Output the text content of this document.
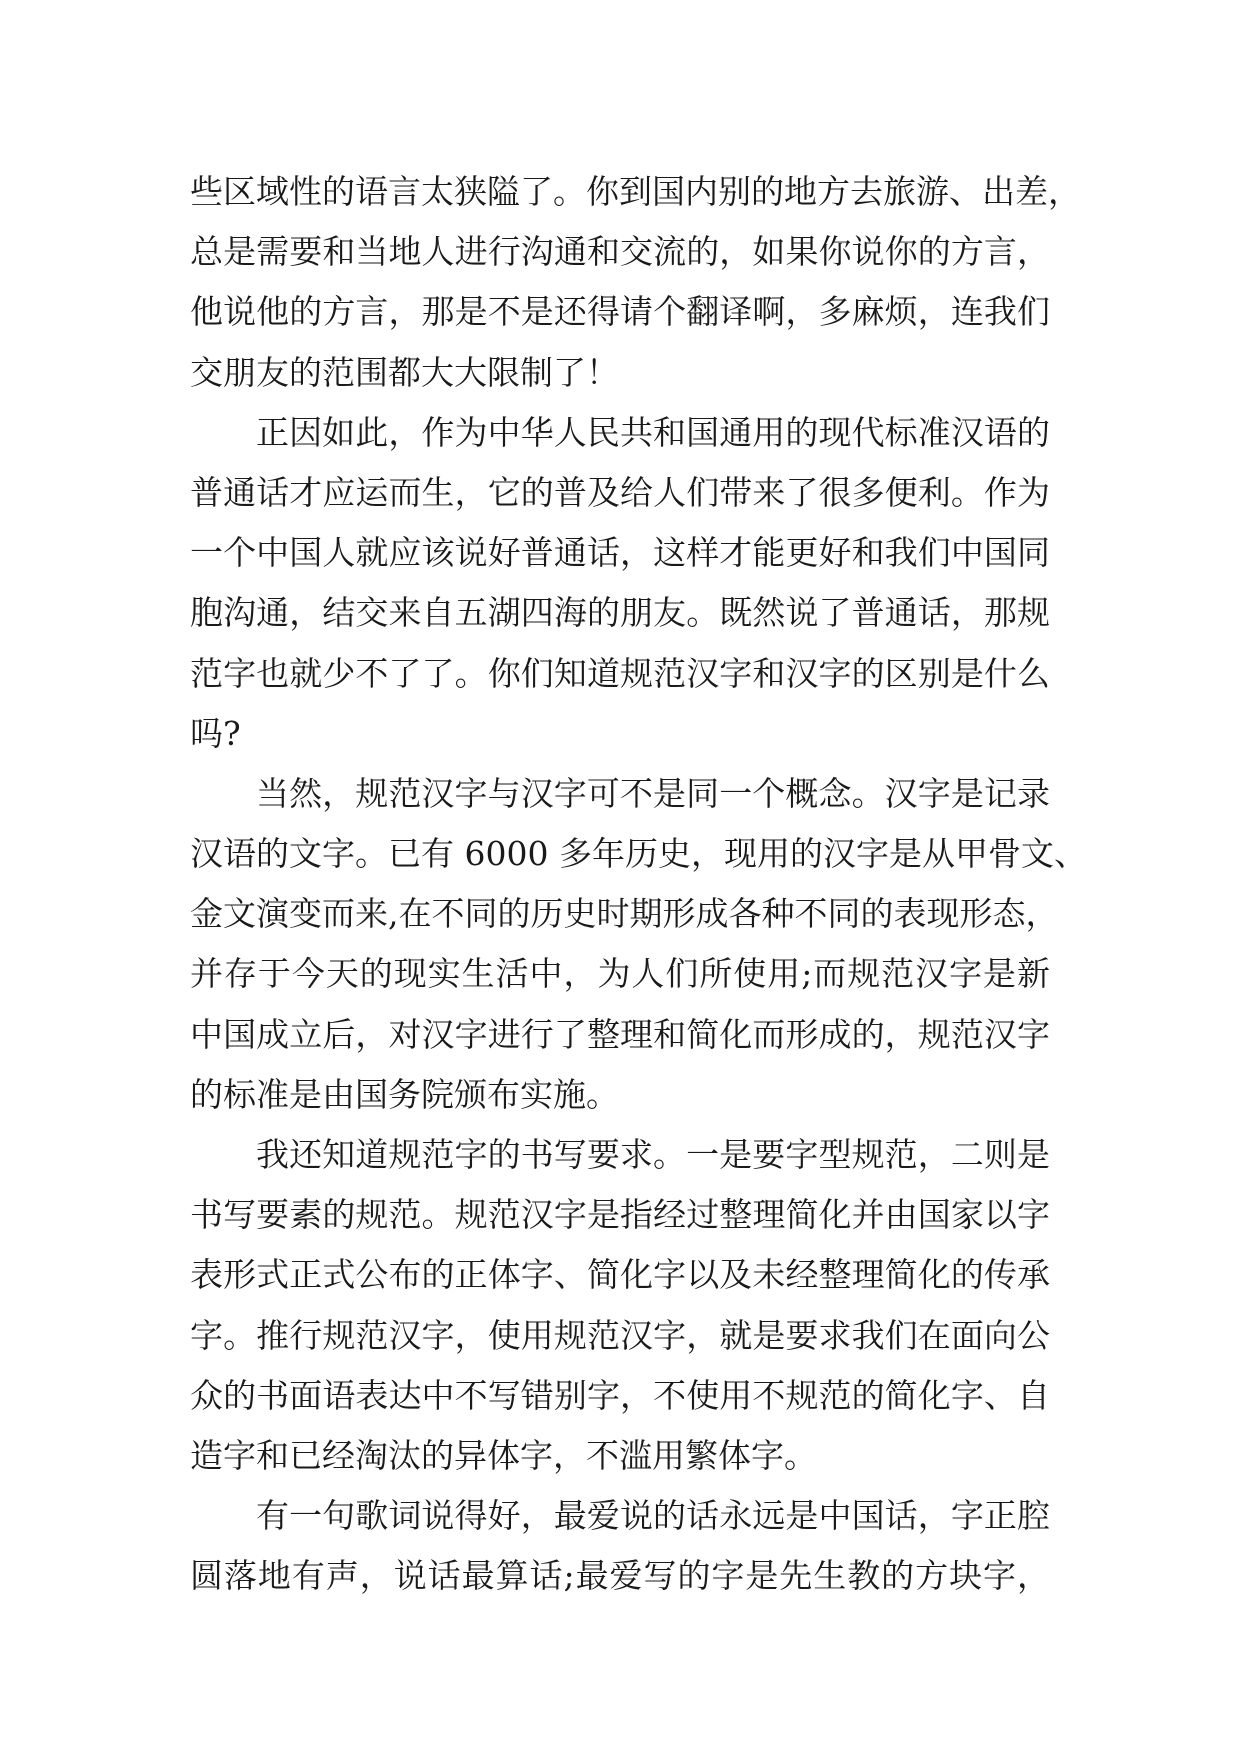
些区域性的语言太狭隘了。你到国内别的地方去旅游、出差，
总是需要和当地人进行沟通和交流的，如果你说你的方言，
他说他的方言，那是不是还得请个翻译啊，多麻烦，连我们
交朋友的范围都大大限制了！
正因如此，作为中华人民共和国通用的现代标准汉语的
普通话才应运而生，它的普及给人们带来了很多便利。作为
一个中国人就应该说好普通话，这样才能更好和我们中国同
胞沟通，结交来自五湖四海的朋友。既然说了普通话，那规
范字也就少不了了。你们知道规范汉字和汉字的区别是什么
吗?
当然，规范汉字与汉字可不是同一个概念。汉字是记录
汉语的文字。已有 6000 多年历史，现用的汉字是从甲骨文、
金文演变而来,在不同的历史时期形成各种不同的表现形态，
并存于今天的现实生活中，为人们所使用;而规范汉字是新
中国成立后，对汉字进行了整理和简化而形成的，规范汉字
的标准是由国务院颁布实施。
我还知道规范字的书写要求。一是要字型规范，二则是
书写要素的规范。规范汉字是指经过整理简化并由国家以字
表形式正式公布的正体字、简化字以及未经整理简化的传承
字。推行规范汉字，使用规范汉字，就是要求我们在面向公
众的书面语表达中不写错别字，不使用不规范的简化字、自
造字和已经淘汰的异体字，不滥用繁体字。
有一句歌词说得好，最爱说的话永远是中国话，字正腔
圆落地有声，说话最算话;最爱写的字是先生教的方块字，
